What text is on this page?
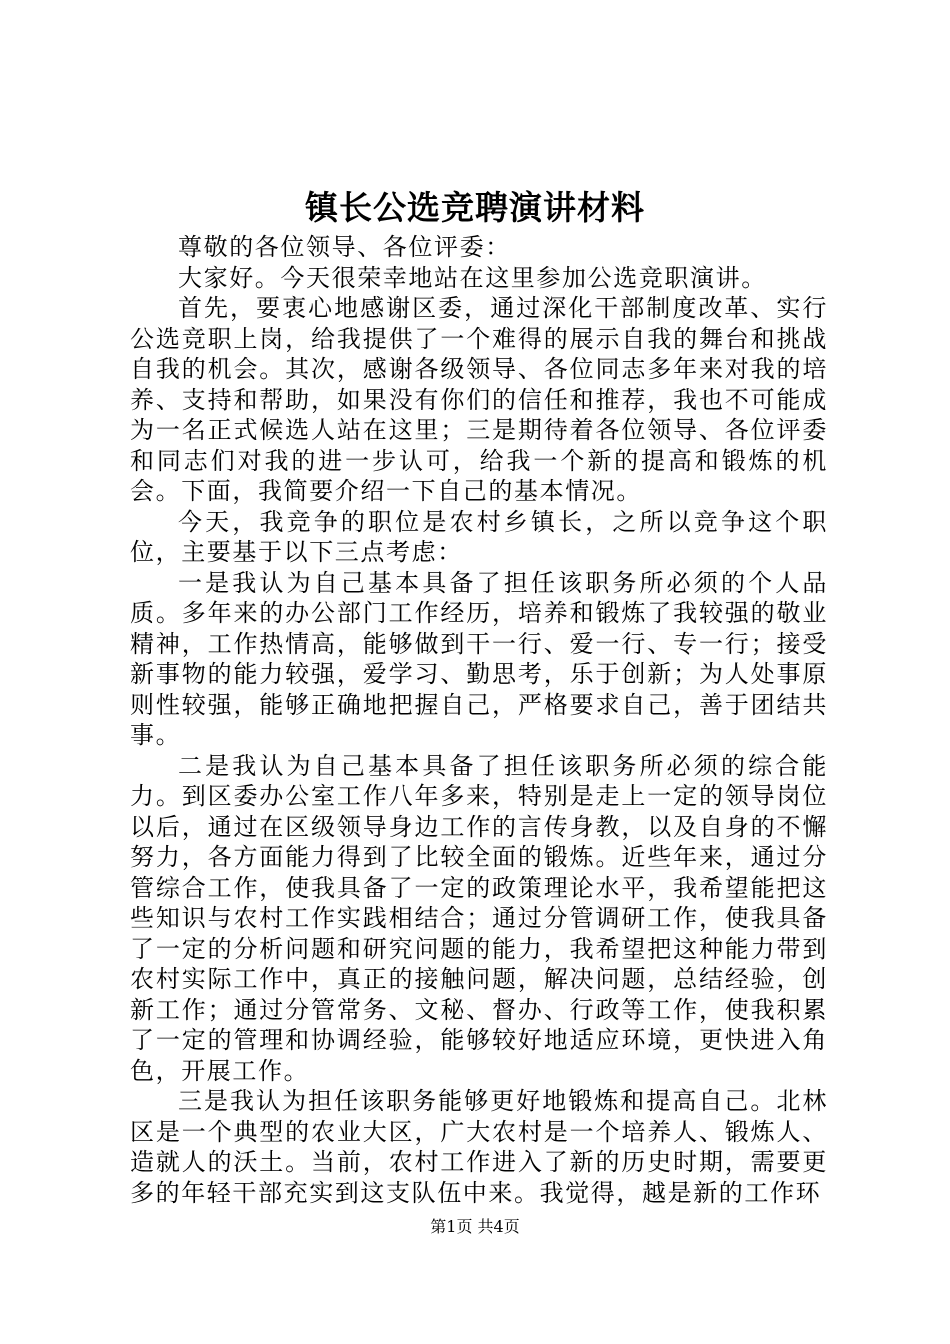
镇长公选竞聘演讲材料

尊敬的各位领导、各位评委：

大家好。今天很荣幸地站在这里参加公选竞职演讲。

首先，要衷心地感谢区委，通过深化干部制度改革、实行公选竞职上岗，给我提供了一个难得的展示自我的舞台和挑战自我的机会。其次，感谢各级领导、各位同志多年来对我的培养、支持和帮助，如果没有你们的信任和推荐，我也不可能成为一名正式候选人站在这里；三是期待着各位领导、各位评委和同志们对我的进一步认可，给我一个新的提高和锻炼的机会。下面，我简要介绍一下自己的基本情况。

今天，我竞争的职位是农村乡镇长，之所以竞争这个职位，主要基于以下三点考虑：

一是我认为自己基本具备了担任该职务所必须的个人品质。多年来的办公部门工作经历，培养和锻炼了我较强的敬业精神，工作热情高，能够做到干一行、爱一行、专一行；接受新事物的能力较强，爱学习、勤思考，乐于创新；为人处事原则性较强，能够正确地把握自己，严格要求自己，善于团结共事。

二是我认为自己基本具备了担任该职务所必须的综合能力。到区委办公室工作八年多来，特别是走上一定的领导岗位以后，通过在区级领导身边工作的言传身教，以及自身的不懈努力，各方面能力得到了比较全面的锻炼。近些年来，通过分管综合工作，使我具备了一定的政策理论水平，我希望能把这些知识与农村工作实践相结合；通过分管调研工作，使我具备了一定的分析问题和研究问题的能力，我希望把这种能力带到农村实际工作中，真正的接触问题，解决问题，总结经验，创新工作；通过分管常务、文秘、督办、行政等工作，使我积累了一定的管理和协调经验，能够较好地适应环境，更快进入角色，开展工作。

三是我认为担任该职务能够更好地锻炼和提高自己。北林区是一个典型的农业大区，广大农村是一个培养人、锻炼人、造就人的沃土。当前，农村工作进入了新的历史时期，需要更多的年轻干部充实到这支队伍中来。我觉得，越是新的工作环

第1页 共4页
